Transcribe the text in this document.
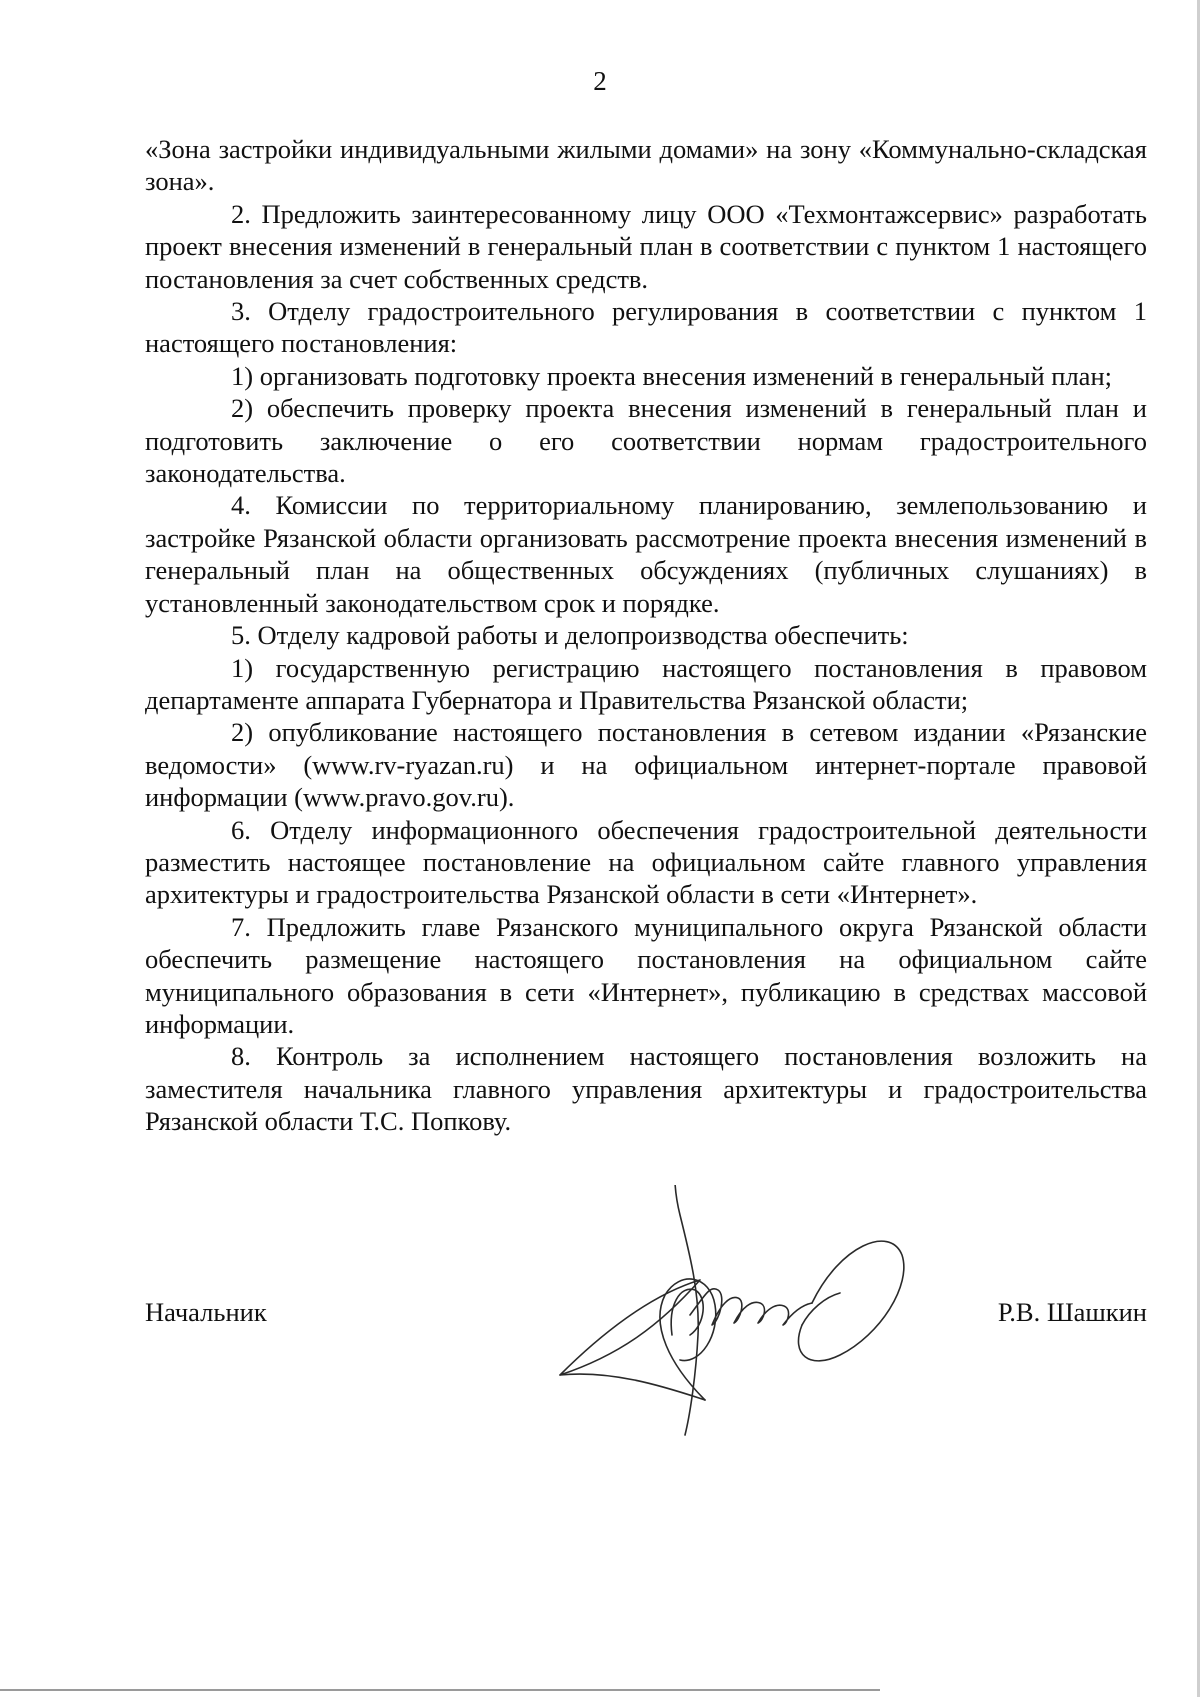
2

«Зона застройки индивидуальными жилыми домами» на зону «Коммунально-складская зона».

2. Предложить заинтересованному лицу ООО «Техмонтажсервис» разработать проект внесения изменений в генеральный план в соответствии с пунктом 1 настоящего постановления за счет собственных средств.

3. Отделу градостроительного регулирования в соответствии с пунктом 1 настоящего постановления:

1) организовать подготовку проекта внесения изменений в генеральный план;

2) обеспечить проверку проекта внесения изменений в генеральный план и подготовить заключение о его соответствии нормам градостроительного законодательства.

4. Комиссии по территориальному планированию, землепользованию и застройке Рязанской области организовать рассмотрение проекта внесения изменений в генеральный план на общественных обсуждениях (публичных слушаниях) в установленный законодательством срок и порядке.

5. Отделу кадровой работы и делопроизводства обеспечить:

1) государственную регистрацию настоящего постановления в правовом департаменте аппарата Губернатора и Правительства Рязанской области;

2) опубликование настоящего постановления в сетевом издании «Рязанские ведомости» (www.rv-ryazan.ru) и на официальном интернет-портале правовой информации (www.pravo.gov.ru).

6. Отделу информационного обеспечения градостроительной деятельности разместить настоящее постановление на официальном сайте главного управления архитектуры и градостроительства Рязанской области в сети «Интернет».

7. Предложить главе Рязанского муниципального округа Рязанской области обеспечить размещение настоящего постановления на официальном сайте муниципального образования в сети «Интернет», публикацию в средствах массовой информации.

8. Контроль за исполнением настоящего постановления возложить на заместителя начальника главного управления архитектуры и градостроительства Рязанской области Т.С. Попкову.

Начальник	Р.В. Шашкин
